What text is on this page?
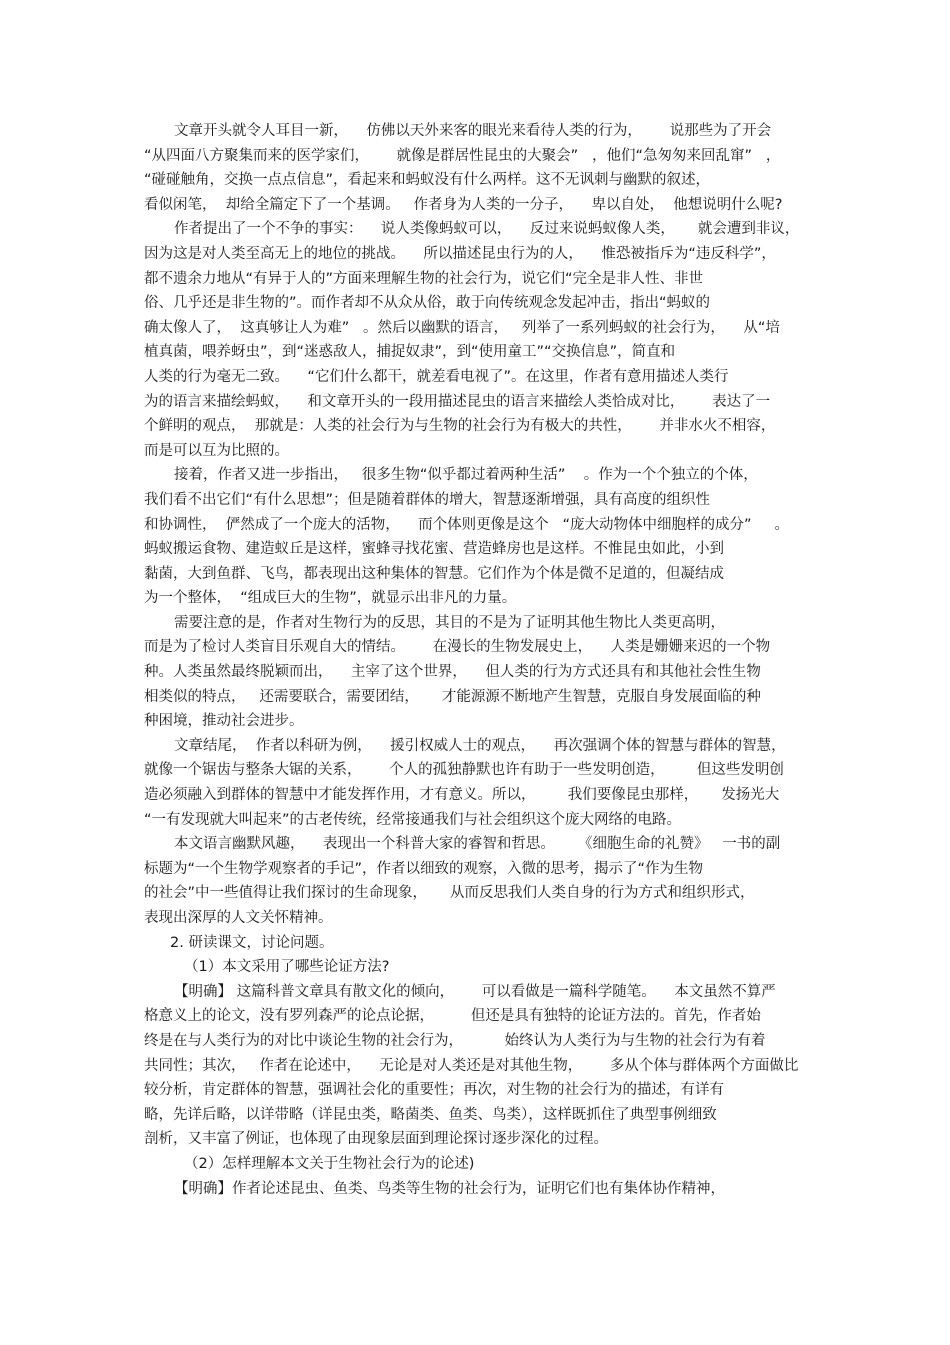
文章开头就令人耳目一新，    仿佛以天外来客的眼光来看待人类的行为，      说那些为了开会
“从四面八方聚集而来的医学家们，      就像是群居性昆虫的大聚会”   ，他们“急匆匆来回乱窜”   ，
“碰碰触角，交换一点点信息”，看起来和蚂蚁没有什么两样。这不无讽刺与幽默的叙述，
看似闲笔，  却给全篇定下了一个基调。   作者身为人类的一分子，    卑以自处，  他想说明什么呢?
作者提出了一个不争的事实：    说人类像蚂蚁可以，    反过来说蚂蚁像人类，     就会遭到非议，
因为这是对人类至高无上的地位的挑战。    所以描述昆虫行为的人，    惟恐被指斥为“违反科学”，
都不遗余力地从“有异于人的”方面来理解生物的社会行为，说它们“完全是非人性、非世
俗、几乎还是非生物的”。而作者却不从众从俗，敢于向传统观念发起冲击，指出“蚂蚁的
确太像人了，  这真够让人为难”   。然后以幽默的语言，   列举了一系列蚂蚁的社会行为，    从“培
植真菌，喂养蚜虫”，到“迷惑敌人，捕捉奴隶”，到“使用童工”“交换信息”，简直和
人类的行为毫无二致。    “它们什么都干，就差看电视了”。在这里，作者有意用描述人类行
为的语言来描绘蚂蚁，    和文章开头的一段用描述昆虫的语言来描绘人类恰成对比，      表达了一
个鲜明的观点，  那就是：人类的社会行为与生物的社会行为有极大的共性，      并非水火不相容，
而是可以互为比照的。
接着，作者又进一步指出，   很多生物“似乎都过着两种生活”    。作为一个个独立的个体，
我们看不出它们“有什么思想”；但是随着群体的增大，智慧逐渐增强，具有高度的组织性
和协调性，  俨然成了一个庞大的活物，    而个体则更像是这个   “庞大动物体中细胞样的成分”     。
蚂蚁搬运食物、建造蚁丘是这样，蜜蜂寻找花蜜、营造蜂房也是这样。不惟昆虫如此，小到
黏菌，大到鱼群、飞鸟，都表现出这种集体的智慧。它们作为个体是微不足道的，但凝结成
为一个整体，  “组成巨大的生物”，就显示出非凡的力量。
需要注意的是，作者对生物行为的反思，其目的不是为了证明其他生物比人类更高明，
而是为了检讨人类盲目乐观自大的情结。      在漫长的生物发展史上，    人类是姗姗来迟的一个物
种。人类虽然最终脱颖而出，    主宰了这个世界，    但人类的行为方式还具有和其他社会性生物
相类似的特点，   还需要联合，需要团结，     才能源源不断地产生智慧，克服自身发展面临的种
种困境，推动社会进步。
文章结尾，  作者以科研为例，    援引权威人士的观点，    再次强调个体的智慧与群体的智慧，
就像一个锯齿与整条大锯的关系，      个人的孤独静默也许有助于一些发明创造，       但这些发明创
造必须融入到群体的智慧中才能发挥作用，才有意义。所以，       我们要像昆虫那样，     发扬光大
“一有发现就大叫起来”的古老传统，经常接通我们与社会组织这个庞大网络的电路。
本文语言幽默风趣，    表现出一个科普大家的睿智和哲思。     《细胞生命的礼赞》   一书的副
标题为“一个生物学观察者的手记”，作者以细致的观察，入微的思考，揭示了“作为生物
的社会”中一些值得让我们探讨的生命现象，     从而反思我们人类自身的行为方式和组织形式，
表现出深厚的人文关怀精神。
2. 研读课文，讨论问题。
（1）本文采用了哪些论证方法?
【明确】 这篇科普文章具有散文化的倾向，      可以看做是一篇科学随笔。    本文虽然不算严
格意义上的论文，没有罗列森严的论点论据，        但还是具有独特的论证方法的。首先，作者始
终是在与人类行为的对比中谈论生物的社会行为，         始终认为人类行为与生物的社会行为有着
共同性；其次，   作者在论述中，    无论是对人类还是对其他生物，      多从个体与群体两个方面做比
较分析，肯定群体的智慧，强调社会化的重要性；再次，对生物的社会行为的描述，有详有
略，先详后略，以详带略（详昆虫类，略菌类、鱼类、鸟类），这样既抓住了典型事例细致
剖析，又丰富了例证，也体现了由现象层面到理论探讨逐步深化的过程。
（2）怎样理解本文关于生物社会行为的论述)
【明确】作者论述昆虫、鱼类、鸟类等生物的社会行为，证明它们也有集体协作精神，
